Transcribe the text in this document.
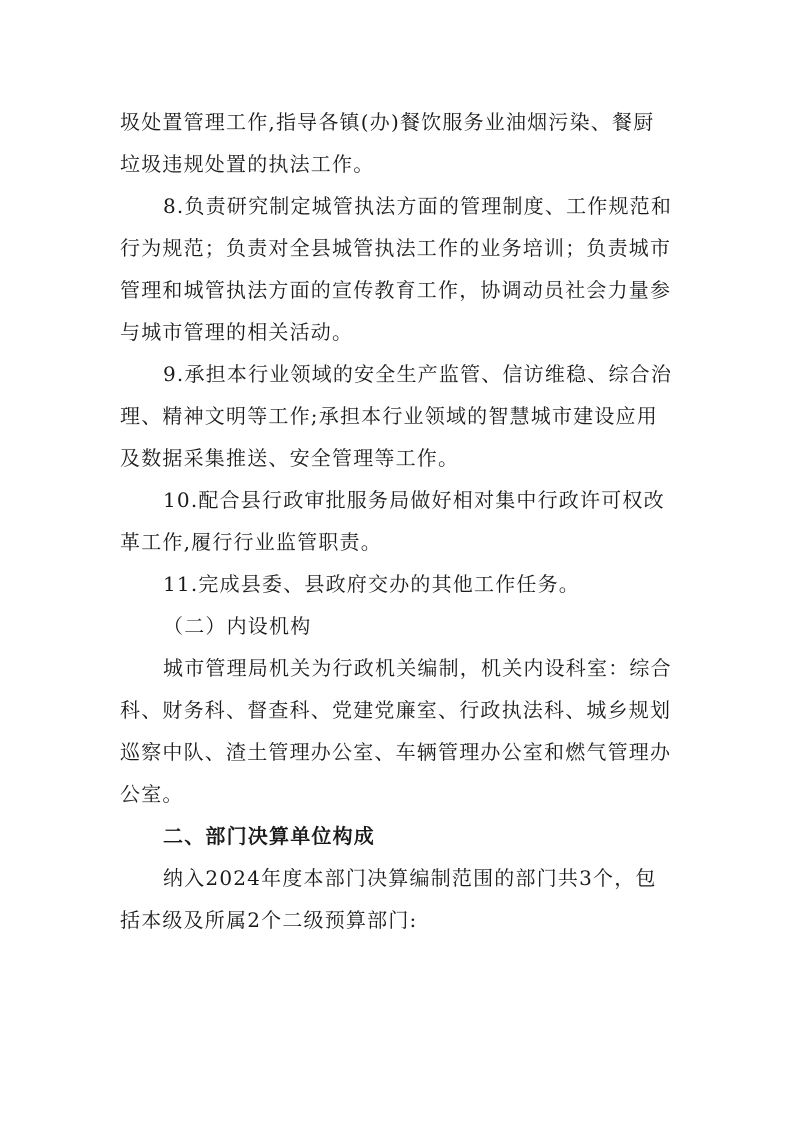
圾处置管理工作,指导各镇(办)餐饮服务业油烟污染、餐厨
垃圾违规处置的执法工作。
8.负责研究制定城管执法方面的管理制度、工作规范和
行为规范；负责对全县城管执法工作的业务培训；负责城市
管理和城管执法方面的宣传教育工作，协调动员社会力量参
与城市管理的相关活动。
9.承担本行业领域的安全生产监管、信访维稳、综合治
理、精神文明等工作;承担本行业领域的智慧城市建设应用
及数据采集推送、安全管理等工作。
10.配合县行政审批服务局做好相对集中行政许可权改
革工作,履行行业监管职责。
11.完成县委、县政府交办的其他工作任务。
（二）内设机构
城市管理局机关为行政机关编制，机关内设科室：综合
科、财务科、督查科、党建党廉室、行政执法科、城乡规划
巡察中队、渣土管理办公室、车辆管理办公室和燃气管理办
公室。
二、部门决算单位构成
纳入2024年度本部门决算编制范围的部门共3个，包
括本级及所属2个二级预算部门:
